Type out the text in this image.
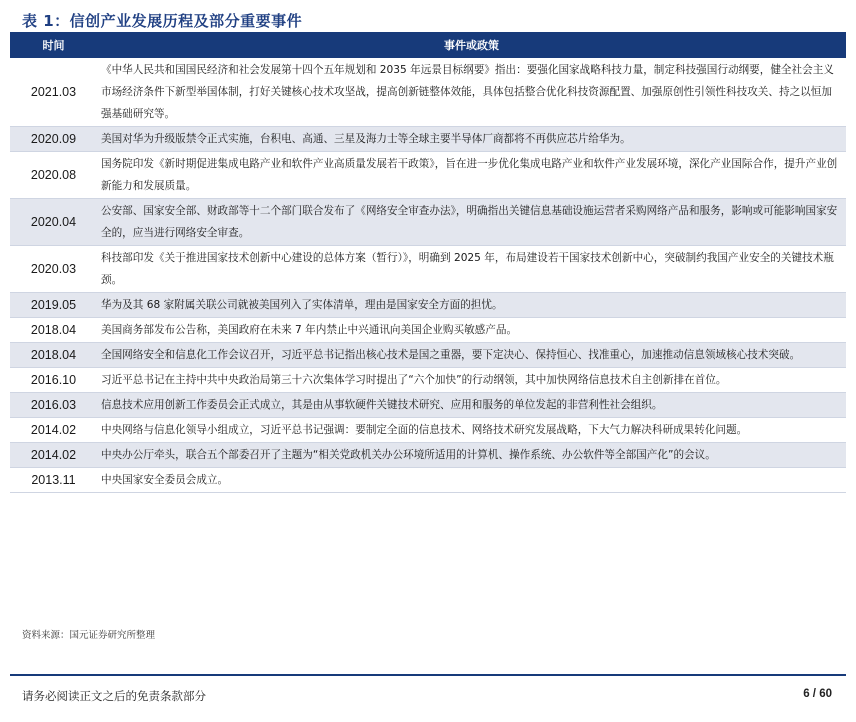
表 1：信创产业发展历程及部分重要事件
时间	事件或政策
2021.03	《中华人民共和国国民经济和社会发展第十四个五年规划和 2035 年远景目标纲要》指出：要强化国家战略科技力量，制定科技强国行动纲要，健全社会主义市场经济条件下新型举国体制，打好关键核心技术攻坚战，提高创新链整体效能，具体包括整合优化科技资源配置、加强原创性引领性科技攻关、持之以恒加强基础研究等。
2020.09	美国对华为升级版禁令正式实施，台积电、高通、三星及海力士等全球主要半导体厂商都将不再供应芯片给华为。
2020.08	国务院印发《新时期促进集成电路产业和软件产业高质量发展若干政策》，旨在进一步优化集成电路产业和软件产业发展环境，深化产业国际合作，提升产业创新能力和发展质量。
2020.04	公安部、国家安全部、财政部等十二个部门联合发布了《网络安全审查办法》，明确指出关键信息基础设施运营者采购网络产品和服务，影响或可能影响国家安全的，应当进行网络安全审查。
2020.03	科技部印发《关于推进国家技术创新中心建设的总体方案（暂行）》，明确到 2025 年，布局建设若干国家技术创新中心，突破制约我国产业安全的关键技术瓶颈。
2019.05	华为及其 68 家附属关联公司就被美国列入了实体清单，理由是国家安全方面的担忧。
2018.04	美国商务部发布公告称，美国政府在未来 7 年内禁止中兴通讯向美国企业购买敏感产品。
2018.04	全国网络安全和信息化工作会议召开，习近平总书记指出核心技术是国之重器，要下定决心、保持恒心、找准重心，加速推动信息领域核心技术突破。
2016.10	习近平总书记在主持中共中央政治局第三十六次集体学习时提出了“六个加快”的行动纲领，其中加快网络信息技术自主创新排在首位。
2016.03	信息技术应用创新工作委员会正式成立，其是由从事软硬件关键技术研究、应用和服务的单位发起的非营利性社会组织。
2014.02	中央网络与信息化领导小组成立，习近平总书记强调：要制定全面的信息技术、网络技术研究发展战略，下大气力解决科研成果转化问题。
2014.02	中央办公厅牵头，联合五个部委召开了主题为“相关党政机关办公环境所适用的计算机、操作系统、办公软件等全部国产化”的会议。
2013.11	中央国家安全委员会成立。
资料来源：国元证券研究所整理
请务必阅读正文之后的免责条款部分	6 / 60
